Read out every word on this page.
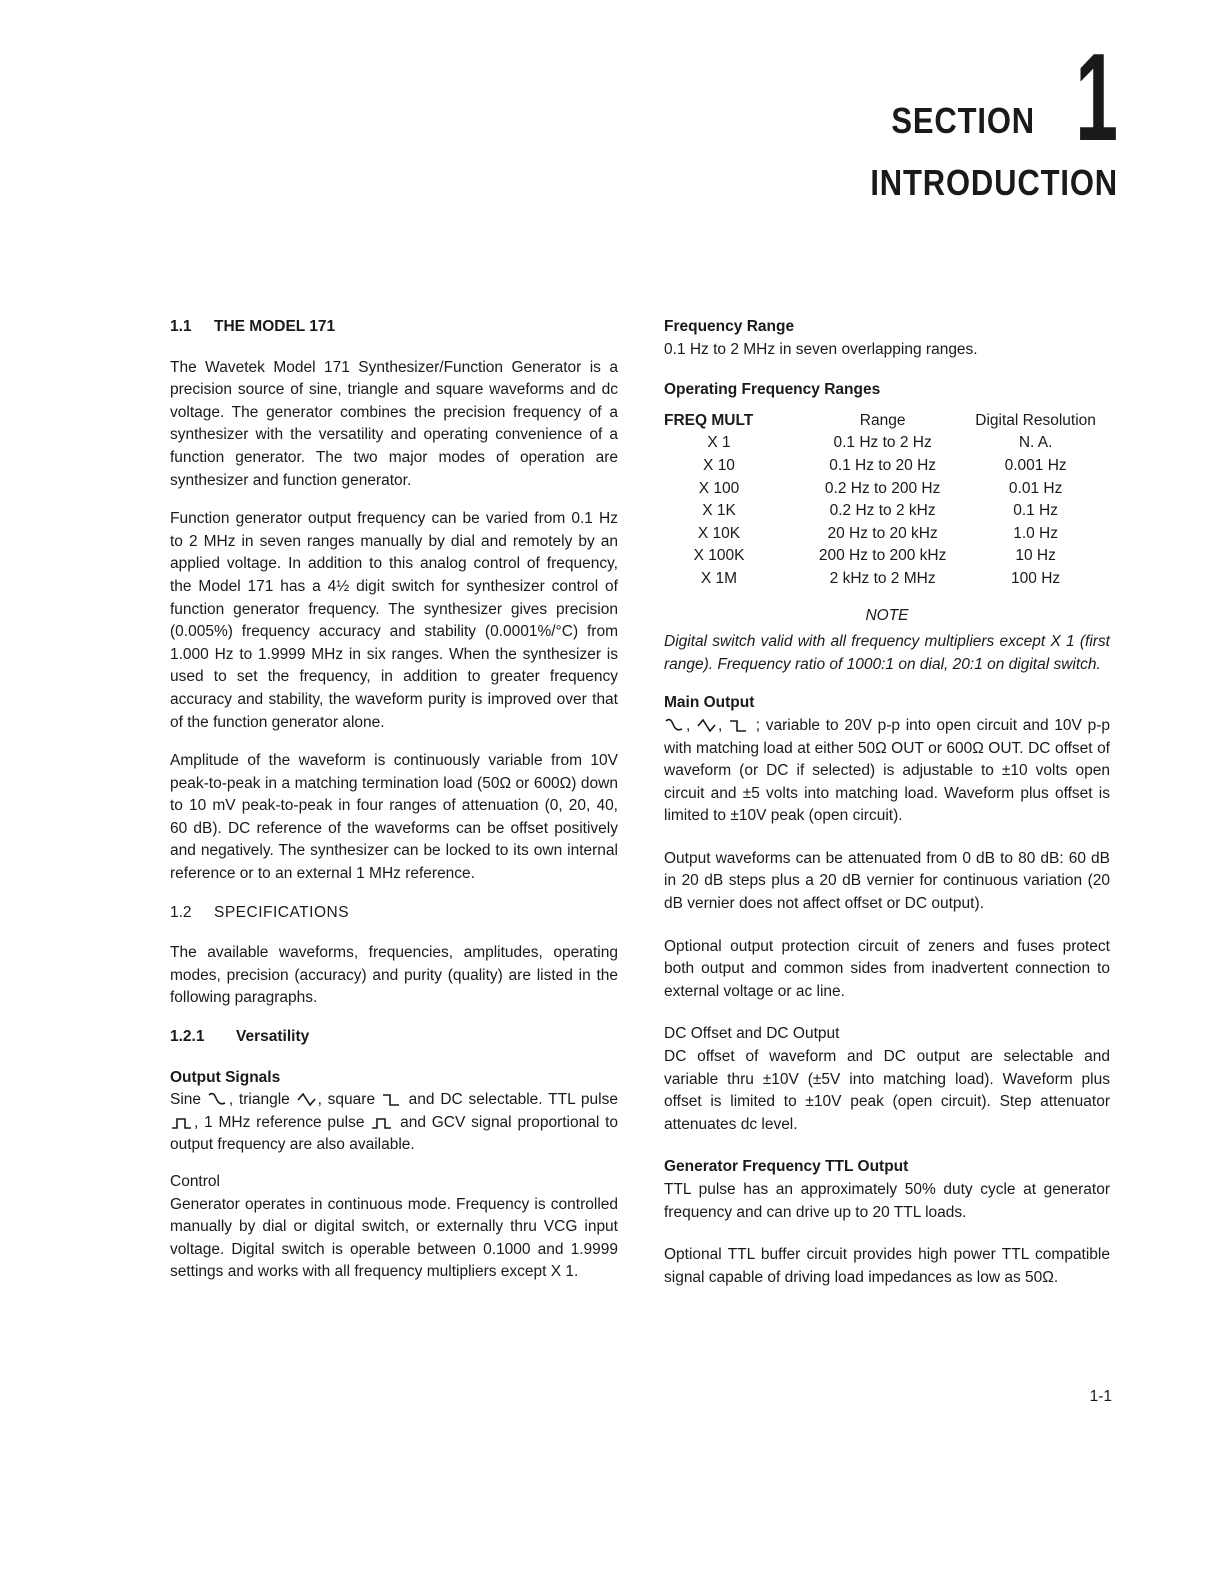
SECTION 1
INTRODUCTION
1.1 THE MODEL 171

The Wavetek Model 171 Synthesizer/Function Generator is a precision source of sine, triangle and square waveforms and dc voltage. The generator combines the precision frequency of a synthesizer with the versatility and operating convenience of a function generator. The two major modes of operation are synthesizer and function generator.

Function generator output frequency can be varied from 0.1 Hz to 2 MHz in seven ranges manually by dial and remotely by an applied voltage. In addition to this analog control of frequency, the Model 171 has a 4½ digit switch for synthesizer control of function generator frequency. The synthesizer gives precision (0.005%) frequency accuracy and stability (0.0001%/°C) from 1.000 Hz to 1.9999 MHz in six ranges. When the synthesizer is used to set the frequency, in addition to greater frequency accuracy and stability, the waveform purity is improved over that of the function generator alone.

Amplitude of the waveform is continuously variable from 10V peak-to-peak in a matching termination load (50Ω or 600Ω) down to 10 mV peak-to-peak in four ranges of attenuation (0, 20, 40, 60 dB). DC reference of the waveforms can be offset positively and negatively. The synthesizer can be locked to its own internal reference or to an external 1 MHz reference.

1.2 SPECIFICATIONS

The available waveforms, frequencies, amplitudes, operating modes, precision (accuracy) and purity (quality) are listed in the following paragraphs.

1.2.1 Versatility
Output Signals

Sine , triangle , square and DC selectable. TTL pulse
, 1 MHz reference pulse and GCV signal proportional to output frequency are also available.

Control

Generator operates in continuous mode. Frequency is controlled manually by dial or digital switch, or externally thru VCG input voltage. Digital switch is operable between 0.1000 and 1.9999 settings and works with all frequency multipliers except X 1.

Frequency Range

0.1 Hz to 2 MHz in seven overlapping ranges.

Operating Frequency Ranges
FREQ MULT	Range	Digital Resolution
X 1	0.1 Hz to 2 Hz	N. A.
X 10	0.1 Hz to 20 Hz	0.001 Hz
X 100	0.2 Hz to 200 Hz	0.01 Hz
X 1K	0.2 Hz to 2 kHz	0.1 Hz
X 10K	20 Hz to 20 kHz	1.0 Hz
X 100K	200 Hz to 200 kHz	10 Hz
X 1M	2 kHz to 2 MHz	100 Hz
NOTE

Digital switch valid with all frequency multipliers except X 1 (first range). Frequency ratio of 1000:1 on dial, 20:1 on digital switch.

Main Output

, , ; variable to 20V p-p into open circuit and 10V p-p with matching load at either 50Ω OUT or 600Ω OUT. DC offset of waveform (or DC if selected) is adjustable to ±10 volts open circuit and ±5 volts into matching load. Waveform plus offset is limited to ±10V peak (open circuit).

Output waveforms can be attenuated from 0 dB to 80 dB: 60 dB in 20 dB steps plus a 20 dB vernier for continuous variation (20 dB vernier does not affect offset or DC output).

Optional output protection circuit of zeners and fuses protect both output and common sides from inadvertent connection to external voltage or ac line.

DC Offset and DC Output

DC offset of waveform and DC output are selectable and variable thru ±10V (±5V into matching load). Waveform plus offset is limited to ±10V peak (open circuit). Step attenuator attenuates dc level.

Generator Frequency TTL Output

TTL pulse has an approximately 50% duty cycle at generator frequency and can drive up to 20 TTL loads.

Optional TTL buffer circuit provides high power TTL compatible signal capable of driving load impedances as low as 50Ω.

1-1
